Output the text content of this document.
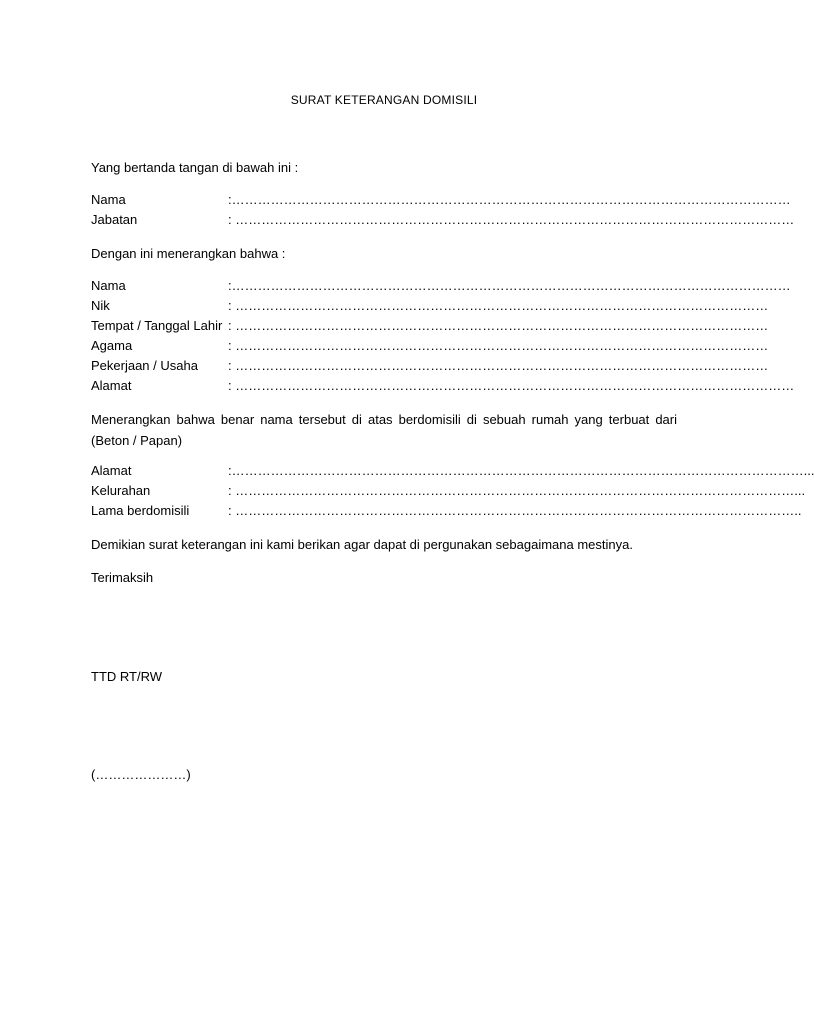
SURAT KETERANGAN DOMISILI
Yang bertanda tangan di bawah ini :
Nama	:…………………………………………………………………………………………………………………
Jabatan	: …………………………………………………………………………………………………………………
Dengan ini menerangkan bahwa :
Nama	:…………………………………………………………………………………………………………………
Nik	: ……………………………………………………………………………………………………………
Tempat / Tanggal Lahir : ……………………………………………………………………………………………………………
Agama	: ……………………………………………………………………………………………………………
Pekerjaan / Usaha : ……………………………………………………………………………………………………………
Alamat	: …………………………………………………………………………………………………………………
Menerangkan bahwa benar nama tersebut di atas berdomisili di sebuah rumah yang terbuat dari (Beton / Papan)
Alamat	:……………………………………………………………………………………………………………………...
Kelurahan	: …………………………………………………………………………………………………………………...
Lama berdomisili	: …………………………………………………………………………………………………………………..
Demikian surat keterangan ini kami berikan agar dapat di pergunakan sebagaimana mestinya.
Terimaksih
TTD RT/RW
(…………………)
